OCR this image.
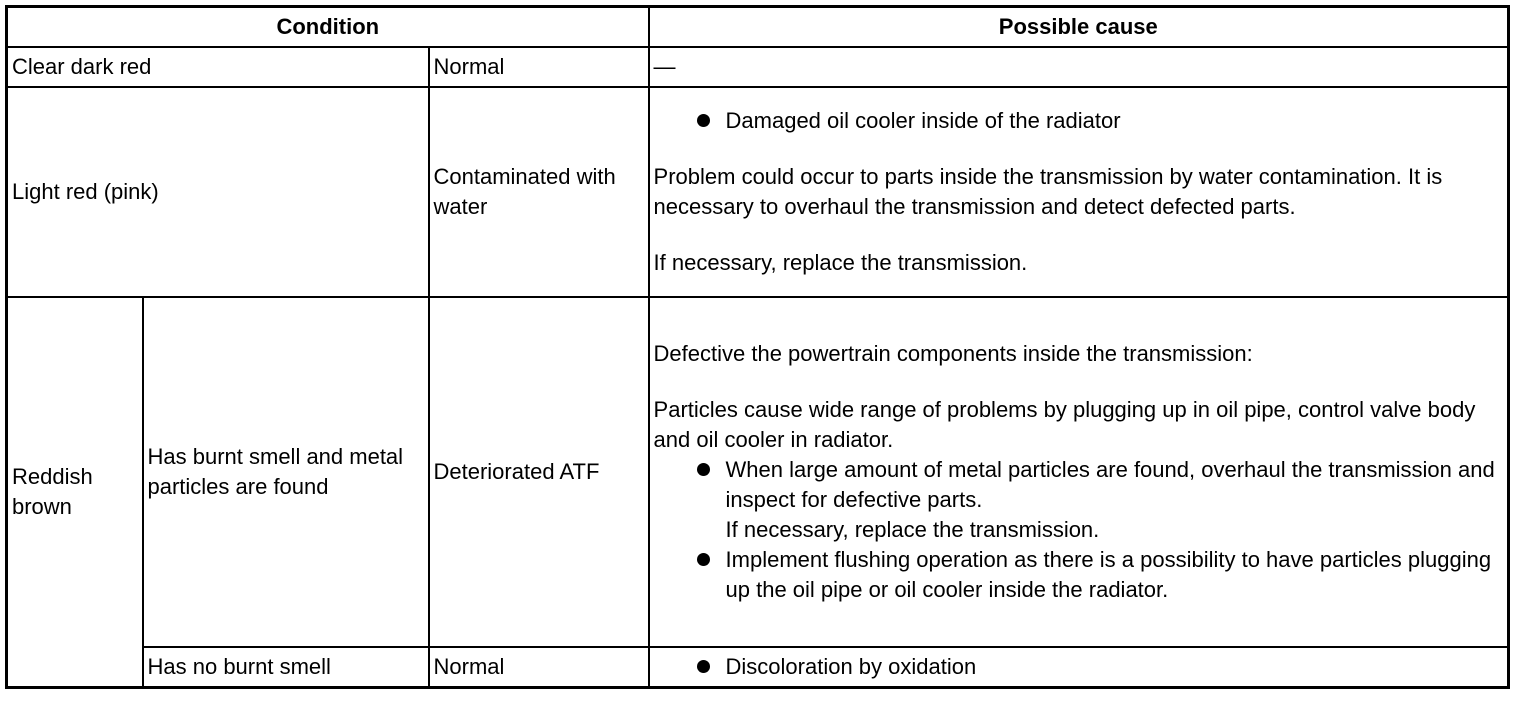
Condition			Possible cause
Clear dark red		Normal	—
Light red (pink)		Contaminated with water	Damaged oil cooler inside of the radiator

Problem could occur to parts inside the transmission by water contamination. It is necessary to overhaul the transmission and detect defected parts.

If necessary, replace the transmission.

Reddish brown	Has burnt smell and metal particles are found	Deteriorated ATF	Defective the powertrain components inside the transmission:

Particles cause wide range of problems by plugging up in oil pipe, control valve body and oil cooler in radiator.

When large amount of metal particles are found, overhaul the transmission and inspect for defective parts.

If necessary, replace the transmission.

Implement flushing operation as there is a possibility to have particles plugging up the oil pipe or oil cooler inside the radiator.

	Has no burnt smell	Normal	Discoloration by oxidation
